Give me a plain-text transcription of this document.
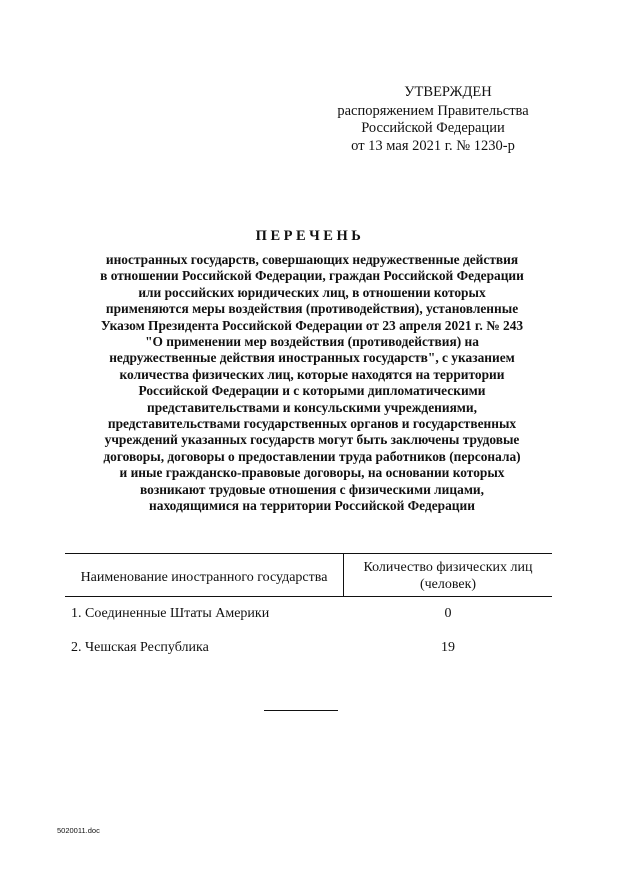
УТВЕРЖДЕН
распоряжением Правительства
Российской Федерации
от 13 мая 2021 г. № 1230-р
ПЕРЕЧЕНЬ
иностранных государств, совершающих недружественные действия
в отношении Российской Федерации, граждан Российской Федерации
или российских юридических лиц, в отношении которых
применяются меры воздействия (противодействия), установленные
Указом Президента Российской Федерации от 23 апреля 2021 г. № 243
"О применении мер воздействия (противодействия) на
недружественные действия иностранных государств", с указанием
количества физических лиц, которые находятся на территории
Российской Федерации и с которыми дипломатическими
представительствами и консульскими учреждениями,
представительствами государственных органов и государственных
учреждений указанных государств могут быть заключены трудовые
договоры, договоры о предоставлении труда работников (персонала)
и иные гражданско-правовые договоры, на основании которых
возникают трудовые отношения с физическими лицами,
находящимися на территории Российской Федерации
Наименование иностранного государства
Количество физических лиц
(человек)
1. Соединенные Штаты Америки	0
2. Чешская Республика	19
5020011.doc
